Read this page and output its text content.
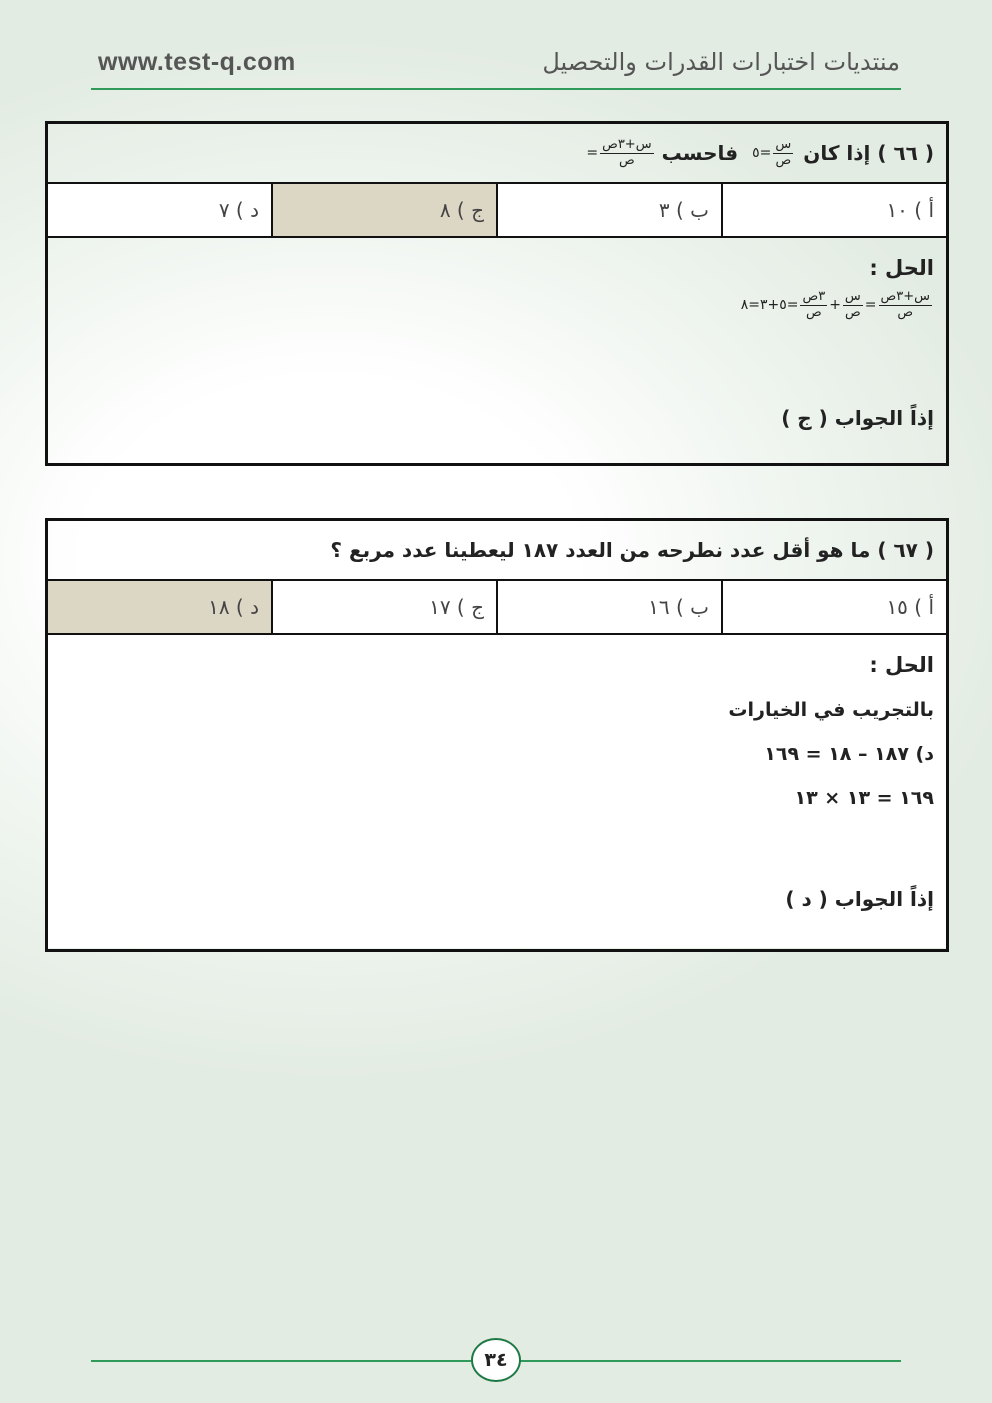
www.test-q.com	منتديات اختبارات القدرات والتحصيل
( ٦٦ ) إذا كان
$\frac{\text{س}}{\text{ص}}$
=٥
فاحسب
$\frac{\text{س+٣ص}}{\text{ص}}$
=
أ ) ١٠
ب ) ٣
ج ) ٨
د ) ٧
الحل :
$\frac{\text{س+٣ص}}{\text{ص}}$
=
$\frac{\text{س}}{\text{ص}}$
+
$\frac{\text{٣ص}}{\text{ص}}$
=٥+٣=٨
إذاً الجواب ( ج )
( ٦٧ ) ما هو أقل عدد نطرحه من العدد ١٨٧ ليعطينا عدد مربع ؟
أ ) ١٥
ب ) ١٦
ج ) ١٧
د ) ١٨
الحل :
بالتجريب في الخيارات
د) ١٨٧ – ١٨ = ١٦٩
١٦٩ = ١٣ × ١٣
إذاً الجواب ( د )
٣٤
